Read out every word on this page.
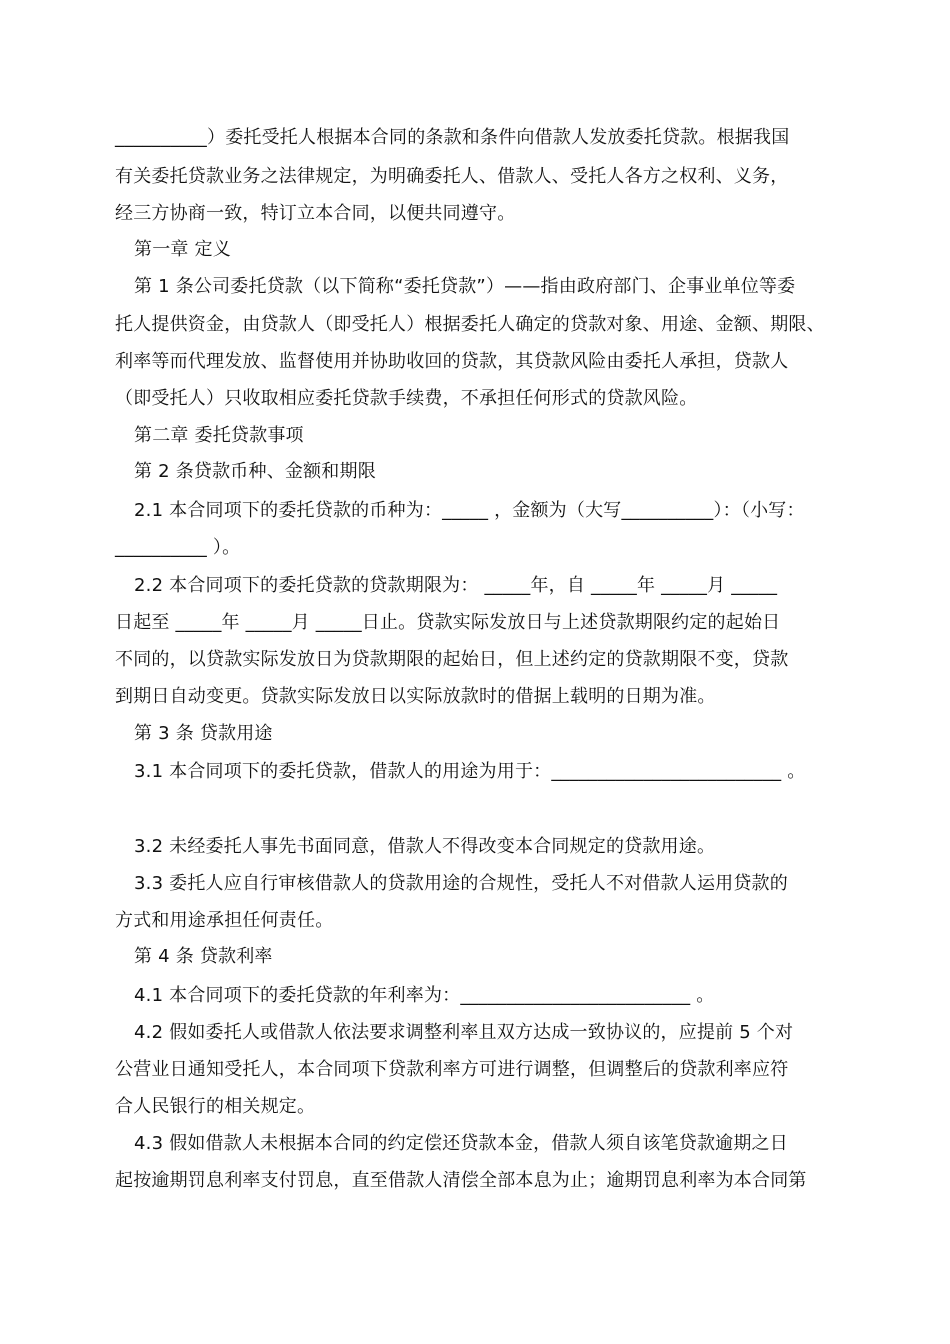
__________）委托受托人根据本合同的条款和条件向借款人发放委托贷款。根据我国
有关委托贷款业务之法律规定，为明确委托人、借款人、受托人各方之权利、义务，
经三方协商一致，特订立本合同，以便共同遵守。
第一章 定义
第 1 条公司委托贷款（以下简称“委托贷款”）——指由政府部门、企事业单位等委
托人提供资金，由贷款人（即受托人）根据委托人确定的贷款对象、用途、金额、期限、
利率等而代理发放、监督使用并协助收回的贷款，其贷款风险由委托人承担，贷款人
（即受托人）只收取相应委托贷款手续费，不承担任何形式的贷款风险。
第二章 委托贷款事项
第 2 条贷款币种、金额和期限
2.1 本合同项下的委托贷款的币种为：_____ ，金额为（大写__________）：（小写：
__________ ）。
2.2 本合同项下的委托贷款的贷款期限为： _____年，自 _____年 _____月 _____
日起至 _____年 _____月 _____日止。贷款实际发放日与上述贷款期限约定的起始日
不同的，以贷款实际发放日为贷款期限的起始日，但上述约定的贷款期限不变，贷款
到期日自动变更。贷款实际发放日以实际放款时的借据上载明的日期为准。
第 3 条 贷款用途
3.1 本合同项下的委托贷款，借款人的用途为用于：_________________________ 。
3.2 未经委托人事先书面同意，借款人不得改变本合同规定的贷款用途。
3.3 委托人应自行审核借款人的贷款用途的合规性，受托人不对借款人运用贷款的
方式和用途承担任何责任。
第 4 条 贷款利率
4.1 本合同项下的委托贷款的年利率为：_________________________ 。
4.2 假如委托人或借款人依法要求调整利率且双方达成一致协议的，应提前 5 个对
公营业日通知受托人，本合同项下贷款利率方可进行调整，但调整后的贷款利率应符
合人民银行的相关规定。
4.3 假如借款人未根据本合同的约定偿还贷款本金，借款人须自该笔贷款逾期之日
起按逾期罚息利率支付罚息，直至借款人清偿全部本息为止；逾期罚息利率为本合同第
